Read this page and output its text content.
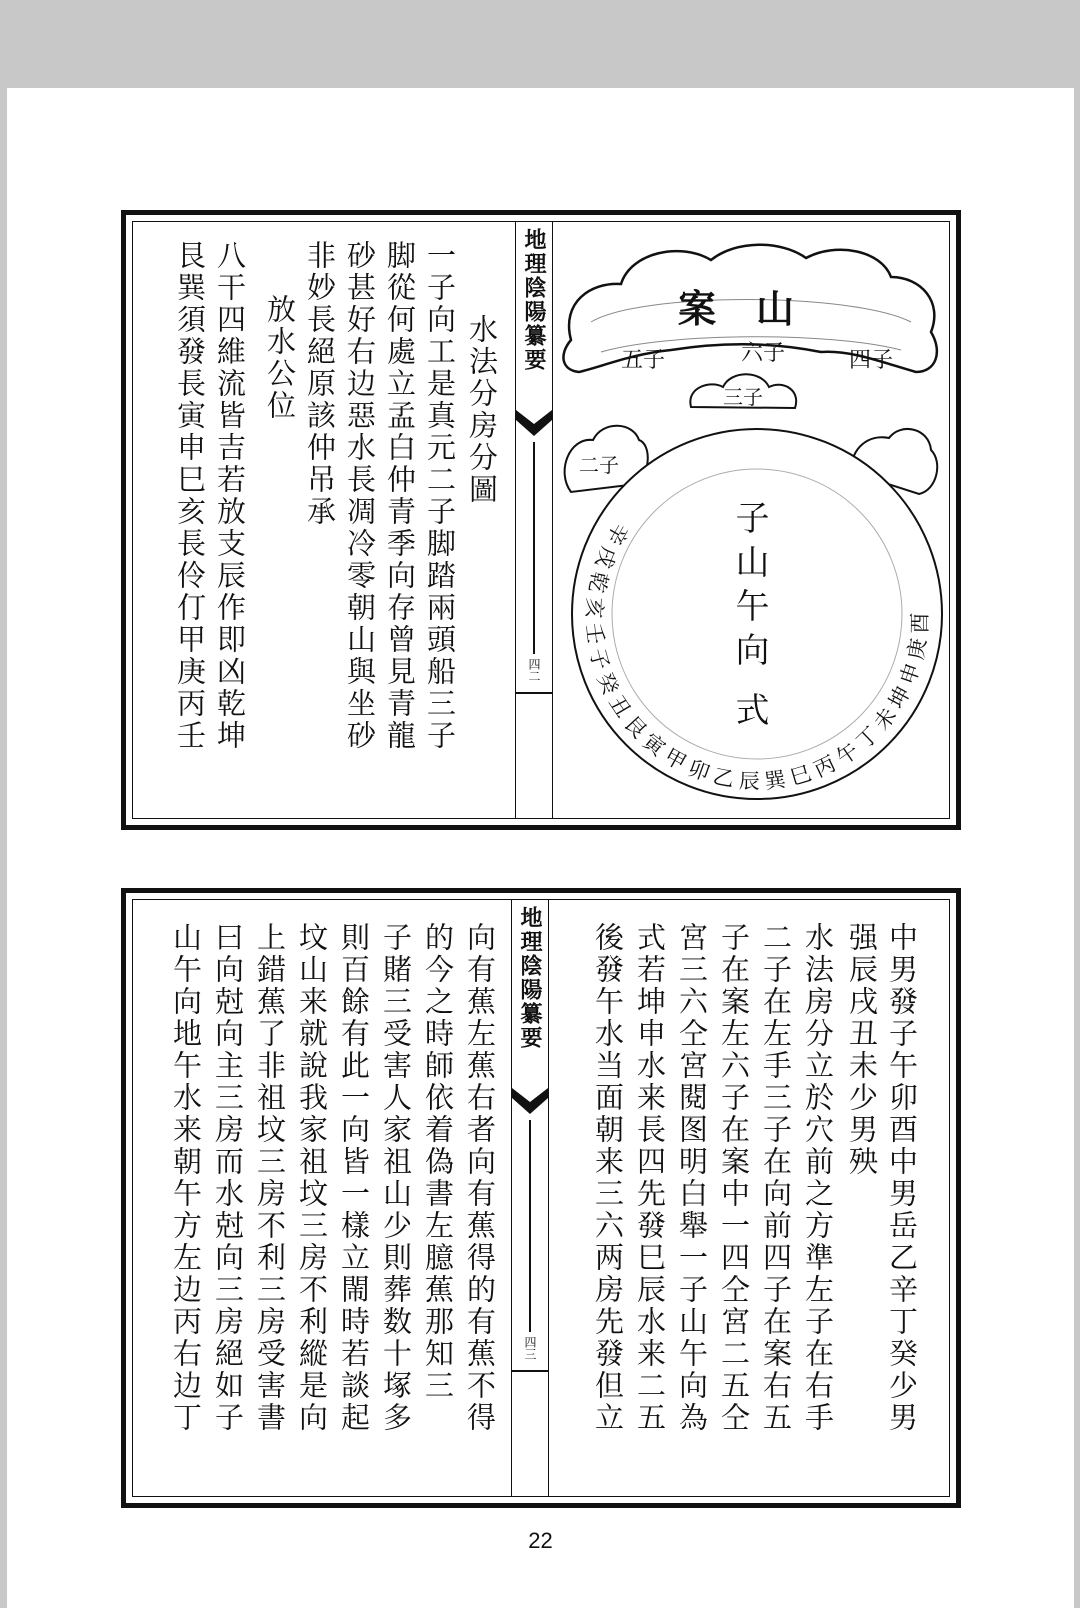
案山
四子
六子
五子
三子
二子
辛戌乾亥壬子癸丑艮寅甲卯乙辰巽巳丙午丁未坤申庚酉
子山午向
式
地理陰陽纂要
四二
水法分房分圖
一子向工是真元二子脚踏兩頭船三子
脚從何處立孟白仲青季向存曾見青龍
砂甚好右边惡水長凋冷零朝山與坐砂
非妙長絕原該仲吊承
放水公位
八干四維流皆吉若放支辰作即凶乾坤
艮巽須發長寅申巳亥長伶仃甲庚丙壬
中男發子午卯酉中男岳乙辛丁癸少男
强辰戌丑未少男殃
水法房分立於穴前之方準左子在右手
二子在左手三子在向前四子在案右五
子在案左六子在案中一四仝宮二五仝
宮三六仝宮閱图明白舉一子山午向為
式若坤申水来長四先發巳辰水来二五
後發午水当面朝来三六两房先發但立
地理陰陽纂要
四三
向有蕉左蕉右者向有蕉得的有蕉不得
的今之時師依着偽書左臆蕉那知三
子賭三受害人家祖山少則葬数十塚多
則百餘有此一向皆一樣立閙時若談起
坟山来就說我家祖坟三房不利縱是向
上錯蕉了非祖坟三房不利三房受害書
曰向尅向主三房而水尅向三房絕如子
山午向地午水来朝午方左边丙右边丁
22
